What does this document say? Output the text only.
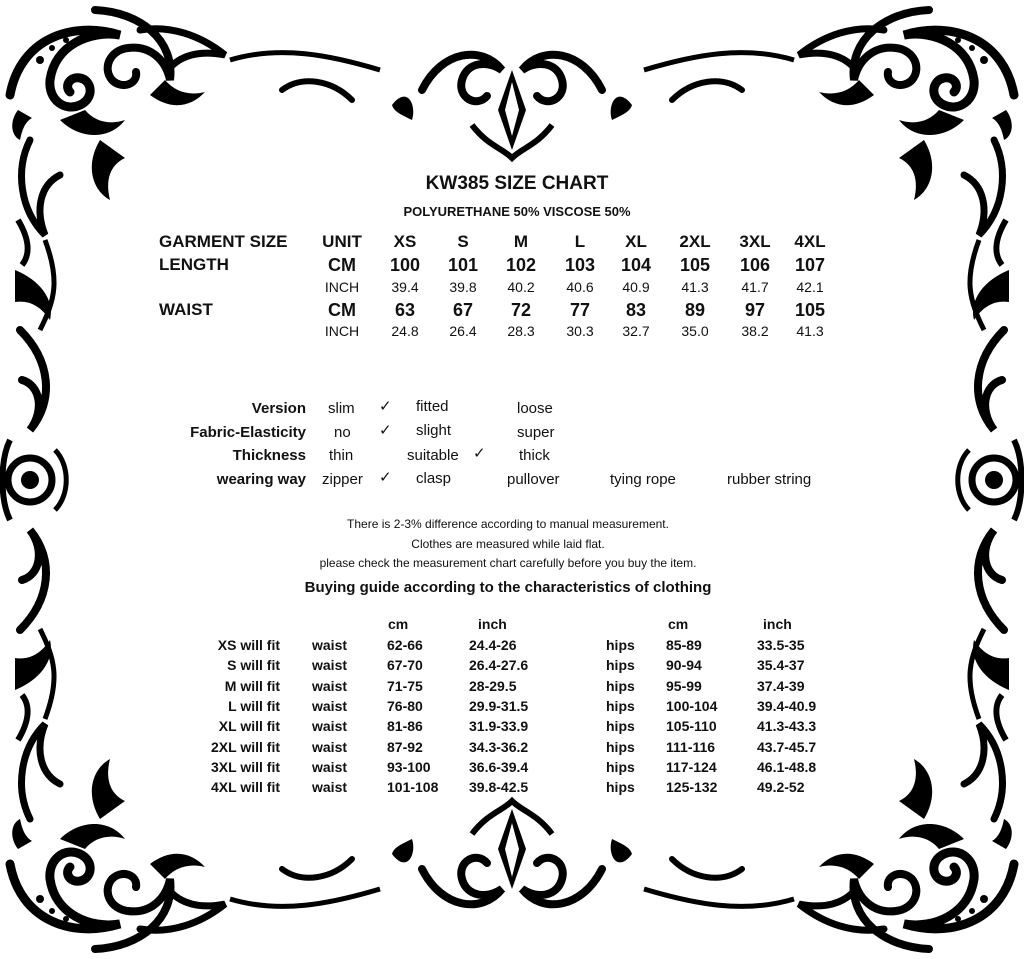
KW385 SIZE CHART
POLYURETHANE 50% VISCOSE 50%
GARMENT SIZE UNIT XS S	M	L XL 2XL 3XL 4XL
LENGTH	CM 100 101 102 103 104 105 106 107
INCH 39.4 39.8 40.2 40.6 40.9 41.3 41.7 42.1
WAIST	CM 63 67 72 77 83 89 97 105
INCH 24.8 26.4 28.3 30.3 32.7 35.0 38.2 41.3
Version slim ✓ fitted	loose
Fabric-Elasticity no ✓ slight	super
Thickness thin	suitable ✓ thick
wearing way zipper ✓ clasp	pullover	tying rope	rubber string
There is 2-3% difference according to manual measurement.
Clothes are measured while laid flat.
please check the measurement chart carefully before you buy the item.
Buying guide according to the characteristics of clothing
cm	inch	cm	inch
XS will fit waist	62-66	24.4-26	hips 85-89	33.5-35
S will fit waist	67-70	26.4-27.6	hips 90-94	35.4-37
M will fit waist	71-75	28-29.5	hips 95-99	37.4-39
L will fit waist	76-80	29.9-31.5	hips 100-104	39.4-40.9
XL will fit waist	81-86	31.9-33.9	hips 105-110	41.3-43.3
2XL will fit waist	87-92	34.3-36.2	hips 111-116	43.7-45.7
3XL will fit waist	93-100	36.6-39.4	hips 117-124	46.1-48.8
4XL will fit waist	101-108 39.8-42.5	hips 125-132	49.2-52
